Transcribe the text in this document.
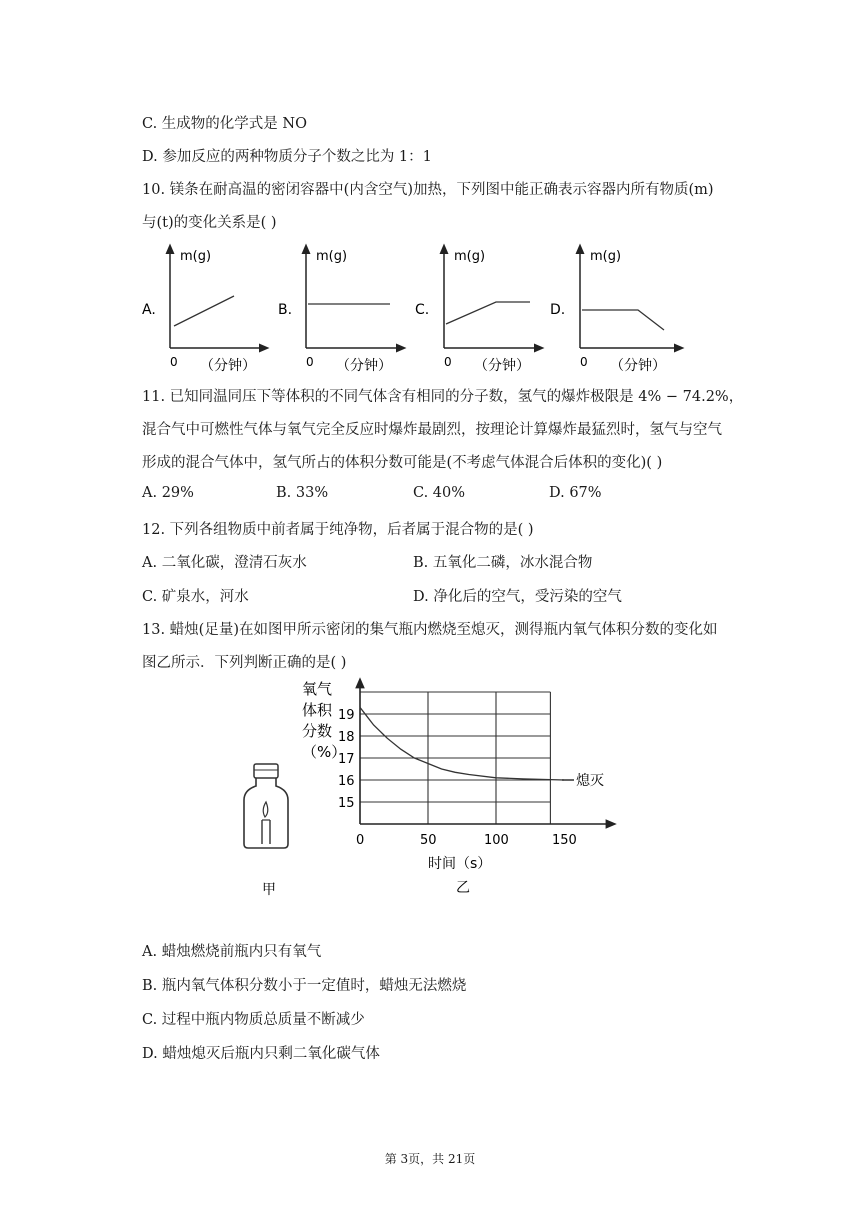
C. 生成物的化学式是 NO
D. 参加反应的两种物质分子个数之比为 1：1
10. 镁条在耐高温的密闭容器中(内含空气)加热，下列图中能正确表示容器内所有物质(m)
与(t)的变化关系是( )
A.
m(g)
0 （分钟）
B.
m(g)
0 （分钟）
C.
m(g)
0 （分钟）
D.
m(g)
0 （分钟）
11. 已知同温同压下等体积的不同气体含有相同的分子数，氢气的爆炸极限是 4% − 74.2%，
混合气中可燃性气体与氧气完全反应时爆炸最剧烈，按理论计算爆炸最猛烈时，氢气与空气
形成的混合气体中，氢气所占的体积分数可能是(不考虑气体混合后体积的变化)( )
A. 29%	B. 33%	C. 40%	D. 67%
12. 下列各组物质中前者属于纯净物，后者属于混合物的是( )
A. 二氧化碳，澄清石灰水	B. 五氧化二磷，冰水混合物
C. 矿泉水，河水	D. 净化后的空气，受污染的空气
13. 蜡烛(足量)在如图甲所示密闭的集气瓶内燃烧至熄灭，测得瓶内氧气体积分数的变化如
图乙所示．下列判断正确的是( )
甲
15
16
17
18
19
0	50	100	150
氧气
体积
分数
（%）
时间（s）
熄灭
乙
A. 蜡烛燃烧前瓶内只有氧气
B. 瓶内氧气体积分数小于一定值时，蜡烛无法燃烧
C. 过程中瓶内物质总质量不断减少
D. 蜡烛熄灭后瓶内只剩二氧化碳气体
第 3页，共 21页
